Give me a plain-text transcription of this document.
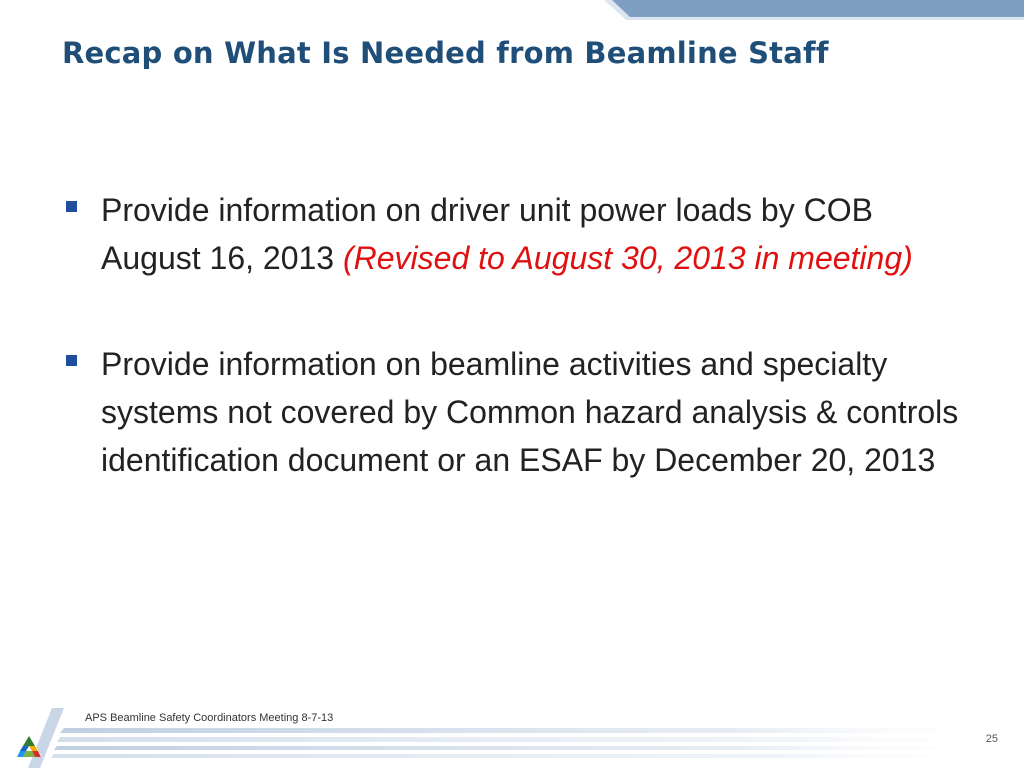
Recap on What Is Needed from Beamline Staff
Provide information on driver unit power loads by COB August 16, 2013 (Revised to August 30, 2013 in meeting)
Provide information on beamline activities and specialty systems not covered by Common hazard analysis & controls identification document or an ESAF by December 20, 2013
APS Beamline Safety Coordinators Meeting 8-7-13
25
